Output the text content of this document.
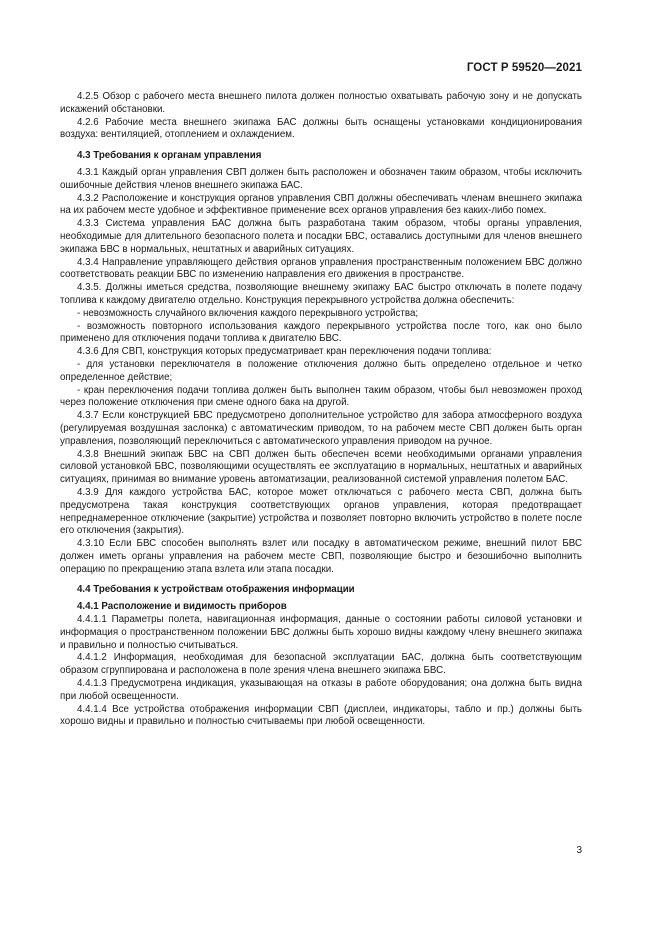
ГОСТ Р 59520—2021

4.2.5 Обзор с рабочего места внешнего пилота должен полностью охватывать рабочую зону и не допускать искажений обстановки.

4.2.6 Рабочие места внешнего экипажа БАС должны быть оснащены установками кондиционирования воздуха: вентиляцией, отоплением и охлаждением.

4.3 Требования к органам управления

4.3.1 Каждый орган управления СВП должен быть расположен и обозначен таким образом, чтобы исключить ошибочные действия членов внешнего экипажа БАС.

4.3.2 Расположение и конструкция органов управления СВП должны обеспечивать членам внешнего экипажа на их рабочем месте удобное и эффективное применение всех органов управления без каких-либо помех.

4.3.3 Система управления БАС должна быть разработана таким образом, чтобы органы управления, необходимые для длительного безопасного полета и посадки БВС, оставались доступными для членов внешнего экипажа БВС в нормальных, нештатных и аварийных ситуациях.

4.3.4 Направление управляющего действия органов управления пространственным положением БВС должно соответствовать реакции БВС по изменению направления его движения в пространстве.

4.3.5. Должны иметься средства, позволяющие внешнему экипажу БАС быстро отключать в полете подачу топлива к каждому двигателю отдельно. Конструкция перекрывного устройства должна обеспечить:

- невозможность случайного включения каждого перекрывного устройства;

- возможность повторного использования каждого перекрывного устройства после того, как оно было применено для отключения подачи топлива к двигателю БВС.

4.3.6 Для СВП, конструкция которых предусматривает кран переключения подачи топлива:

- для установки переключателя в положение отключения должно быть определено отдельное и четко определенное действие;

- кран переключения подачи топлива должен быть выполнен таким образом, чтобы был невозможен проход через положение отключения при смене одного бака на другой.

4.3.7 Если конструкцией БВС предусмотрено дополнительное устройство для забора атмосферного воздуха (регулируемая воздушная заслонка) с автоматическим приводом, то на рабочем месте СВП должен быть орган управления, позволяющий переключиться с автоматического управления приводом на ручное.

4.3.8 Внешний экипаж БВС на СВП должен быть обеспечен всеми необходимыми органами управления силовой установкой БВС, позволяющими осуществлять ее эксплуатацию в нормальных, нештатных и аварийных ситуациях, принимая во внимание уровень автоматизации, реализованной системой управления полетом БАС.

4.3.9 Для каждого устройства БАС, которое может отключаться с рабочего места СВП, должна быть предусмотрена такая конструкция соответствующих органов управления, которая предотвращает непреднамеренное отключение (закрытие) устройства и позволяет повторно включить устройство в полете после его отключения (закрытия).

4.3.10 Если БВС способен выполнять взлет или посадку в автоматическом режиме, внешний пилот БВС должен иметь органы управления на рабочем месте СВП, позволяющие быстро и безошибочно выполнить операцию по прекращению этапа взлета или этапа посадки.

4.4 Требования к устройствам отображения информации

4.4.1 Расположение и видимость приборов

4.4.1.1 Параметры полета, навигационная информация, данные о состоянии работы силовой установки и информация о пространственном положении БВС должны быть хорошо видны каждому члену внешнего экипажа и правильно и полностью считываться.

4.4.1.2 Информация, необходимая для безопасной эксплуатации БАС, должна быть соответствующим образом сгруппирована и расположена в поле зрения члена внешнего экипажа БВС.

4.4.1.3 Предусмотрена индикация, указывающая на отказы в работе оборудования; она должна быть видна при любой освещенности.

4.4.1.4 Все устройства отображения информации СВП (дисплеи, индикаторы, табло и пр.) должны быть хорошо видны и правильно и полностью считываемы при любой освещенности.

3
